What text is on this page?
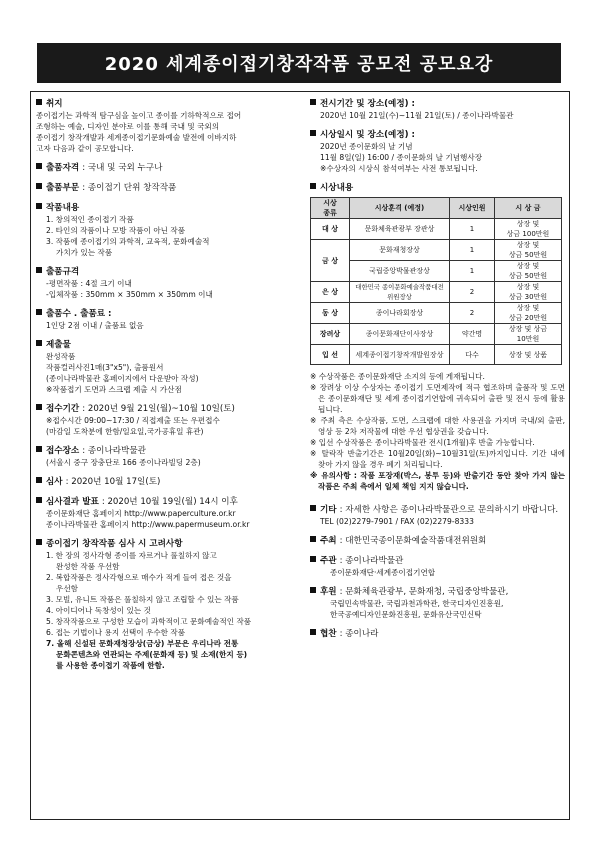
2020 세계종이접기창작작품 공모전 공모요강
취지
종이접기는 과학적 탐구심을 높이고 종이를 기하학적으로 접어
조형하는 예술, 디자인 분야로 이를 통해 국내 및 국외의
종이접기 창작개발과 세계종이접기문화예술 발전에 이바지하
고자 다음과 같이 공모합니다.
출품자격 : 국내 및 국외 누구나
출품부문 : 종이접기 단위 창작작품
작품내용
1. 창의적인 종이접기 작품
2. 타인의 작품이나 모방 작품이 아닌 작품
3. 작품에 종이접기의 과학적, 교육적, 문화예술적
가치가 있는 작품
출품규격
-평면작품 : 4절 크기 이내
-입체작품 : 350mm × 350mm × 350mm 이내
출품수 . 출품료 :
1인당 2점 이내 / 출품료 없음
제출물
완성작품
작품컬러사진1매(3"x5"), 출품원서
(종이나라박물관 홈페이지에서 다운받아 작성)
※작품접기 도면과 스크랩 제출 시 가산점
접수기간 : 2020년 9월 21일(월)~10월 10일(토)
※접수시간 09:00~17:30 / 직접제출 또는 우편접수
(마감일 도착분에 한함/일요일,국가공휴일 휴관)
접수장소 : 종이나라박물관
(서울시 중구 장충단로 166 종이나라빌딩 2층)
심사 : 2020년 10월 17일(토)
심사결과 발표 : 2020년 10월 19일(월) 14시 이후
종이문화재단 홈페이지 http://www.paperculture.or.kr
종이나라박물관 홈페이지 http://www.papermuseum.or.kr
종이접기 창작작품 심사 시 고려사항
1. 한 장의 정사각형 종이를 자르거나 풀칠하지 않고
완성한 작품 우선함
2. 복합작품은 정사각형으로 매수가 적게 들여 접은 것을
우선함
3. 모빌, 유니트 작품은 풀칠하지 않고 조립할 수 있는 작품
4. 아이디어나 독창성이 있는 것
5. 창작작품으로 구성한 모습이 과학적이고 문화예술적인 작품
6. 접는 기법이나 용지 선택이 우수한 작품
7. 올해 신설된 문화재청장상(금상) 부문은 우리나라 전통
문화콘텐츠와 연관되는 주제(문화재 등) 및 소재(한지 등)
를 사용한 종이접기 작품에 한함.
전시기간 및 장소(예정) :
2020년 10월 21일(수)~11월 21일(토) / 종이나라박물관
시상일시 및 장소(예정) :
2020년 종이문화의 날 기념
11월 8일(일) 16:00 / 종이문화의 날 기념행사장
※수상자의 시상식 참석여부는 사전 통보됩니다.
시상내용
시상
종류	시상훈격 (예정)	시상인원	시 상 금
대 상	문화체육관광부 장관상	1	상장 및
상금 100만원
금 상	문화재청장상	1	상장 및
상금 50만원
	국립중앙박물관장상	1	상장 및
상금 50만원
은 상	대한민국 종이문화예술작품대전
위원장상	2	상장 및
상금 30만원
동 상	종이나라회장상	2	상장 및
상금 20만원
장려상	종이문화재단이사장상	약간명	상장 및 상금
10만원
입 선	세계종이접기창작개발원장상	다수	상장 및 상품
※ 수상작품은 종이문화재단 소지의 등에 게재됩니다.
※ 장려상 이상 수상자는 종이접기 도면제작에 적극 협조하며 출품작 및 도면은 종이문화재단 및 세계 종이접기연합에 귀속되어 출판 및 전시 등에 활용됩니다.
※ 주최 측은 수상작품, 도면, 스크랩에 대한 사용권을 가지며 국내/외 출판, 영상 등 2차 저작물에 대한 우선 협상권을 갖습니다.
※ 입선 수상작품은 종이나라박물관 전시(1개월)후 반출 가능합니다.
※ 탈락작 반출기간은 10월20일(화)~10월31일(토)까지입니다. 기간 내에 찾아 가지 않을 경우 폐기 처리됩니다.
※ 유의사항 : 작품 포장재(박스, 봉투 등)와 반출기간 동안 찾아 가지 않는 작품은 주최 측에서 일체 책임 지지 않습니다.
기타 : 자세한 사항은 종이나라박물관으로 문의하시기 바랍니다.
TEL (02)2279-7901 / FAX (02)2279-8333
주최 : 대한민국종이문화예술작품대전위원회
주관 : 종이나라박물관
종이문화재단·세계종이접기연합
후원 : 문화체육관광부, 문화재청, 국립중앙박물관,
국립민속박물관, 국립과천과학관, 한국디자인진흥원,
한국공예디자인문화진흥원, 문화유산국민신탁
협찬 : 종이나라
